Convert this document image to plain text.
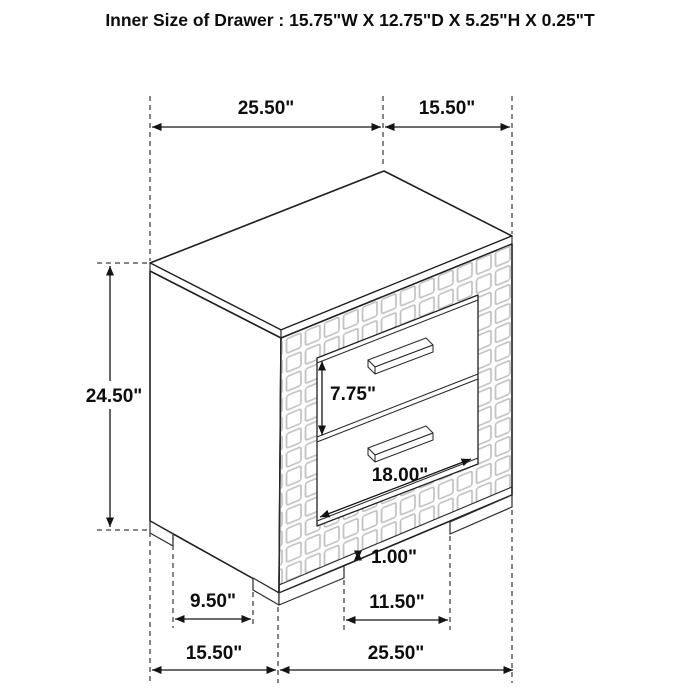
25.50"	15.50"
24.50"	7.75"
18.00"
1.00"
9.50"	11.50"
15.50"	25.50"
Inner Size of Drawer : 15.75"W X 12.75"D X 5.25"H X 0.25"T
